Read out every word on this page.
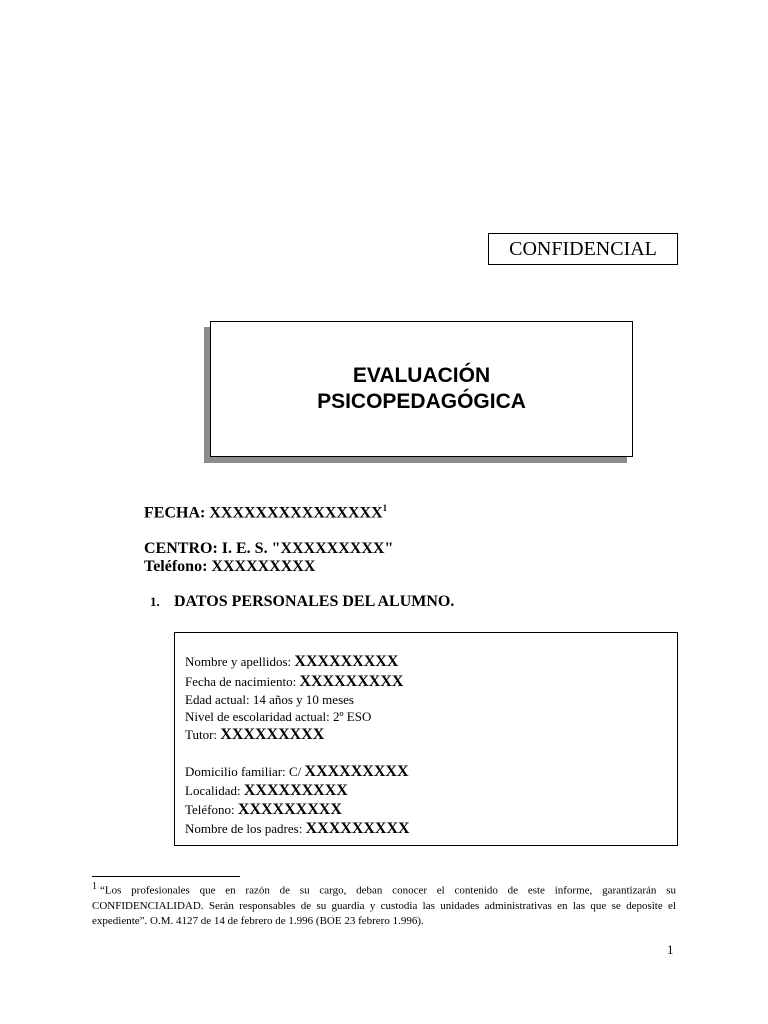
CONFIDENCIAL
EVALUACIÓN
PSICOPEDAGÓGICA
FECHA: XXXXXXXXXXXXXXX$^1$
CENTRO: I. E. S. "XXXXXXXXX"
Teléfono: XXXXXXXXX
1. DATOS PERSONALES DEL ALUMNO.
Nombre y apellidos: XXXXXXXXX
Fecha de nacimiento: XXXXXXXXX
Edad actual: 14 años y 10 meses
Nivel de escolaridad actual: 2º ESO
Tutor: XXXXXXXXX
Domicilio familiar: C/ XXXXXXXXX
Localidad: XXXXXXXXX
Teléfono: XXXXXXXXX
Nombre de los padres: XXXXXXXXX
$^1$ “Los profesionales que en razón de su cargo, deban conocer el contenido de este informe, garantizarán su CONFIDENCIALIDAD. Serán responsables de su guardia y custodia las unidades administrativas en las que se deposite el expediente”. O.M. 4127 de 14 de febrero de 1.996 (BOE 23 febrero 1.996).
1
